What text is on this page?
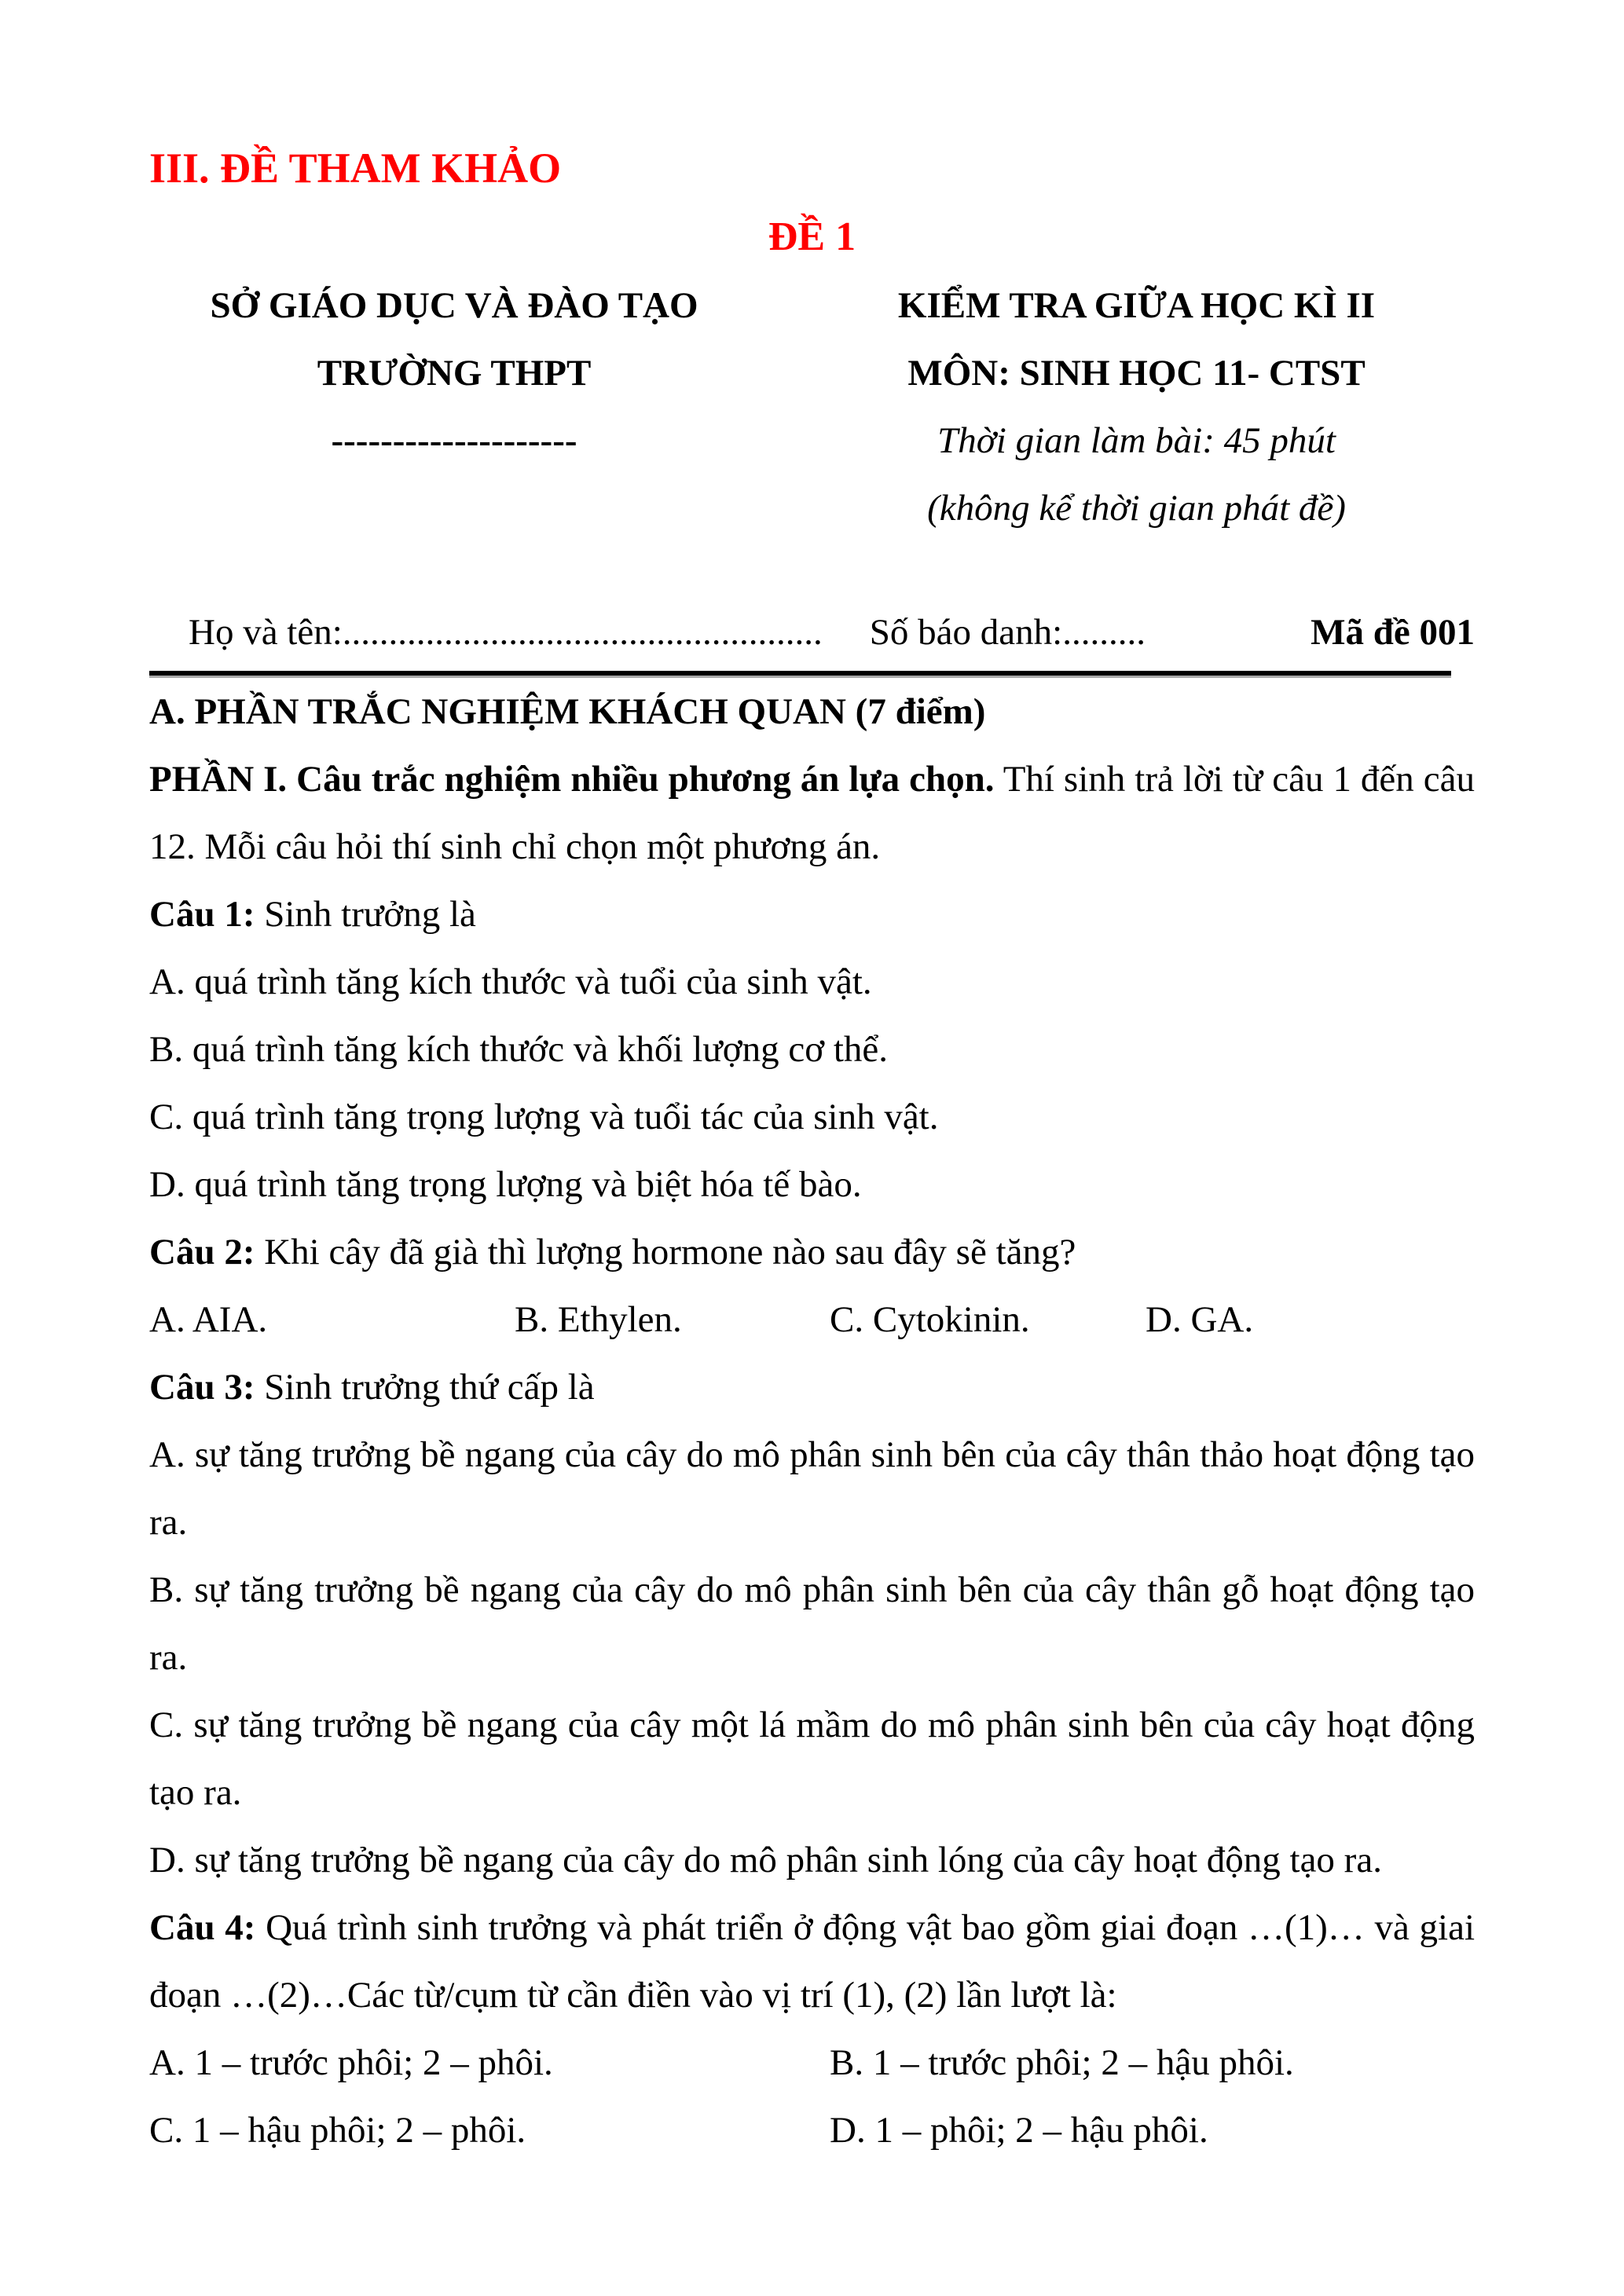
III. ĐỀ THAM KHẢO
ĐỀ 1
SỞ GIÁO DỤC VÀ ĐÀO TẠO
TRƯỜNG THPT
--------------------
KIỂM TRA GIỮA HỌC KÌ II
MÔN: SINH HỌC 11- CTST
Thời gian làm bài: 45 phút
(không kể thời gian phát đề)
Họ và tên:.................................................... Số báo danh:.........	Mã đề 001

A. PHẦN TRẮC NGHIỆM KHÁCH QUAN (7 điểm)

PHẦN I. Câu trắc nghiệm nhiều phương án lựa chọn. Thí sinh trả lời từ câu 1 đến câu 12. Mỗi câu hỏi thí sinh chỉ chọn một phương án.

Câu 1: Sinh trưởng là

A. quá trình tăng kích thước và tuổi của sinh vật.

B. quá trình tăng kích thước và khối lượng cơ thể.

C. quá trình tăng trọng lượng và tuổi tác của sinh vật.

D. quá trình tăng trọng lượng và biệt hóa tế bào.

Câu 2: Khi cây đã già thì lượng hormone nào sau đây sẽ tăng?

A. AIA.	B. Ethylen.	C. Cytokinin.	D. GA.

Câu 3: Sinh trưởng thứ cấp là

A. sự tăng trưởng bề ngang của cây do mô phân sinh bên của cây thân thảo hoạt động tạo ra.

B. sự tăng trưởng bề ngang của cây do mô phân sinh bên của cây thân gỗ hoạt động tạo ra.

C. sự tăng trưởng bề ngang của cây một lá mầm do mô phân sinh bên của cây hoạt động tạo ra.

D. sự tăng trưởng bề ngang của cây do mô phân sinh lóng của cây hoạt động tạo ra.

Câu 4: Quá trình sinh trưởng và phát triển ở động vật bao gồm giai đoạn …(1)… và giai đoạn …(2)…Các từ/cụm từ cần điền vào vị trí (1), (2) lần lượt là:

A. 1 – trước phôi; 2 – phôi.	B. 1 – trước phôi; 2 – hậu phôi.
C. 1 – hậu phôi; 2 – phôi.	D. 1 – phôi; 2 – hậu phôi.
